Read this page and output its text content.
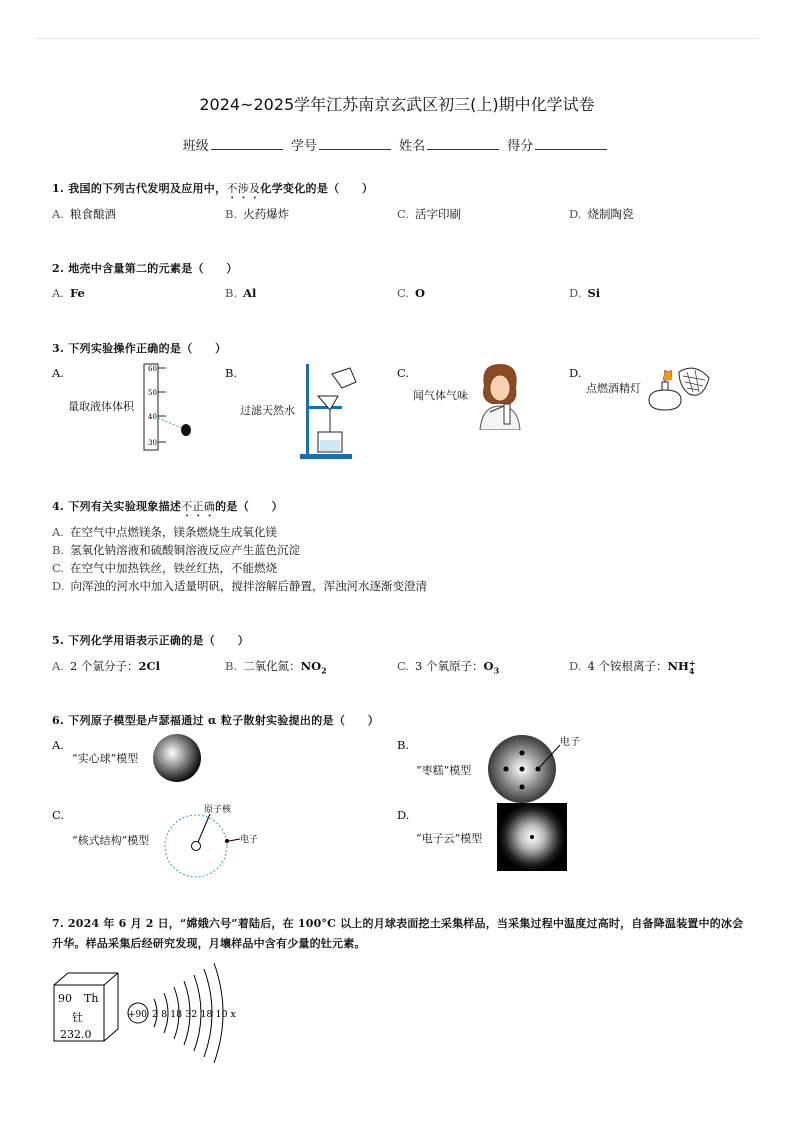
2024~2025学年江苏南京玄武区初三(上)期中化学试卷
班级	学号	姓名	得分
1. 我国的下列古代发明及应用中，不涉及化学变化的是（　　）
A. 粮食酿酒	B. 火药爆炸	C. 活字印刷	D. 烧制陶瓷
2. 地壳中含量第二的元素是（　　）
A. Fe	B. Al	C. O	D. Si
3. 下列实验操作正确的是（　　）
A.	B.	C.	D.
量取液体体积
60
50
40
30
过滤天然水
闻气体气味
点燃酒精灯
4. 下列有关实验现象描述不正确的是（　　）
A. 在空气中点燃镁条，镁条燃烧生成氧化镁
B. 氢氧化钠溶液和硫酸铜溶液反应产生蓝色沉淀
C. 在空气中加热铁丝，铁丝红热，不能燃烧
D. 向浑浊的河水中加入适量明矾，搅拌溶解后静置，浑浊河水逐渐变澄清
5. 下列化学用语表示正确的是（　　）
A. 2 个氯分子：2Cl	B. 二氧化氮：$NO_2$	C. 3 个氧原子：$O_3$	D. 4 个铵根离子：NH +
4
6. 下列原子模型是卢瑟福通过 α 粒子散射实验提出的是（　　）
A.	B.
C.	D.
“实心球”模型
“枣糕”模型
电子
“核式结构”模型
原子核
电子	“电子云”模型
7. 2024 年 6 月 2 日，“嫦娥六号”着陆后，在 100°C 以上的月球表面挖土采集样品，当采集过程中温度过高时，自备降温装置中的冰会升华。样品采集后经研究发现，月壤样品中含有少量的钍元素。
90 Th
钍
232.0
+90 2 8 18 32 18 10 x
